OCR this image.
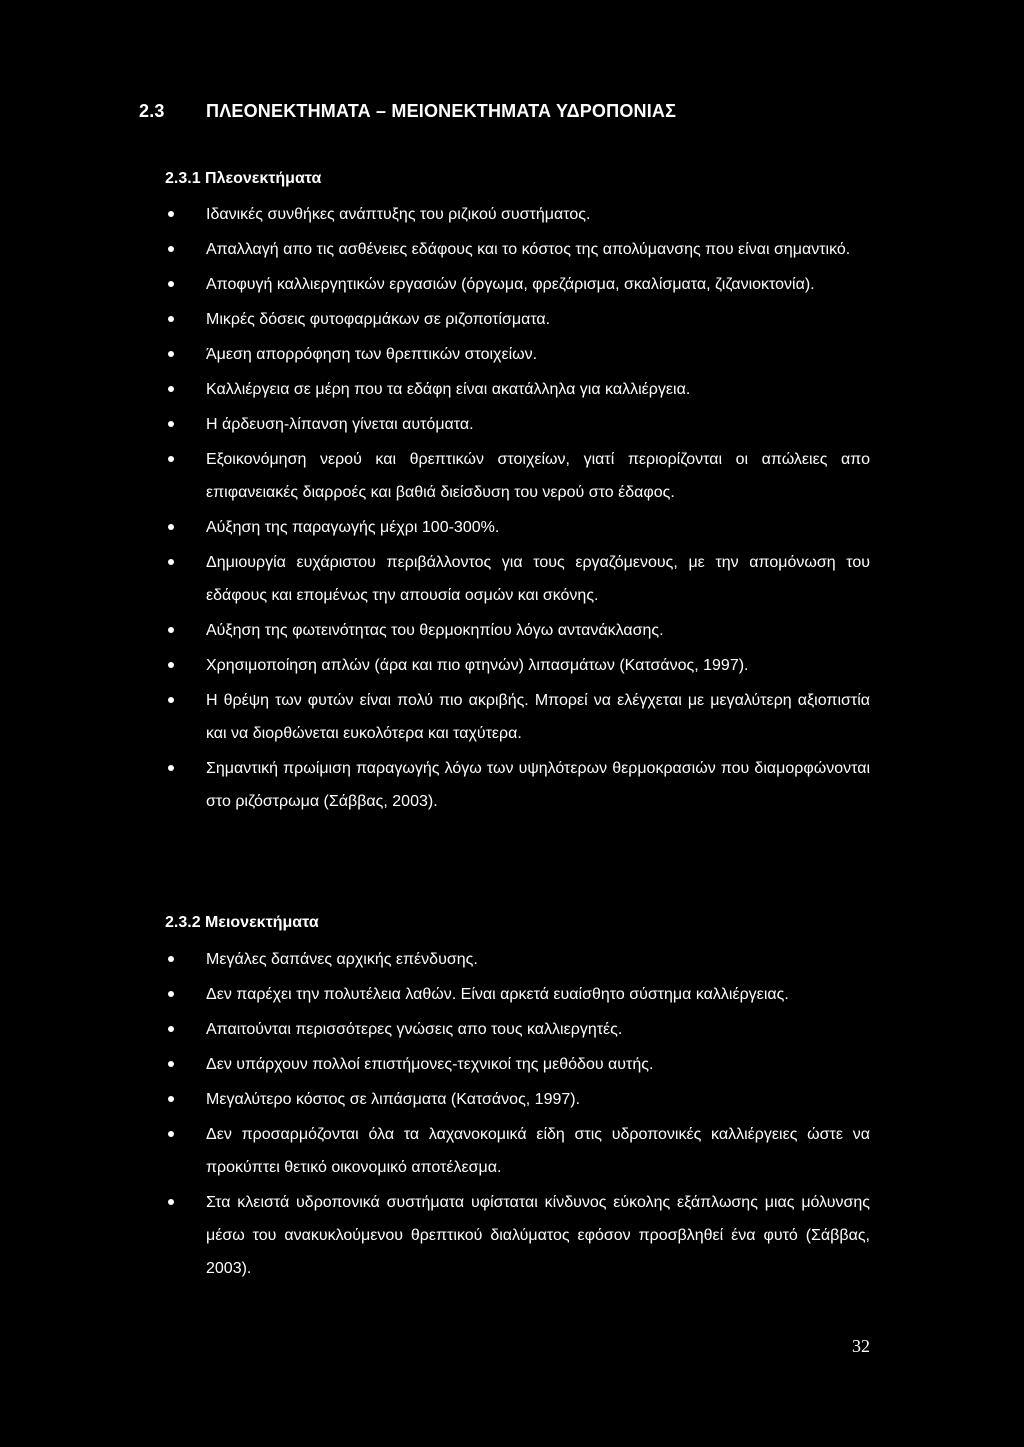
2.3 ΠΛΕΟΝΕΚΤΗΜΑΤΑ – ΜΕΙΟΝΕΚΤΗΜΑΤΑ ΥΔΡΟΠΟΝΙΑΣ
2.3.1 Πλεονεκτήματα
Ιδανικές συνθήκες ανάπτυξης του ριζικού συστήματος.
Απαλλαγή απο τις ασθένειες εδάφους και το κόστος της απολύμανσης που είναι σημαντικό.
Αποφυγή καλλιεργητικών εργασιών (όργωμα, φρεζάρισμα, σκαλίσματα, ζιζανιοκτονία).
Μικρές δόσεις φυτοφαρμάκων σε ριζοποτίσματα.
Άμεση απορρόφηση των θρεπτικών στοιχείων.
Καλλιέργεια σε μέρη που τα εδάφη είναι ακατάλληλα για καλλιέργεια.
Η άρδευση-λίπανση γίνεται αυτόματα.
Εξοικονόμηση νερού και θρεπτικών στοιχείων, γιατί περιορίζονται οι απώλειες απο επιφανειακές διαρροές και βαθιά διείσδυση του νερού στο έδαφος.
Αύξηση της παραγωγής μέχρι 100-300%.
Δημιουργία ευχάριστου περιβάλλοντος για τους εργαζόμενους, με την απομόνωση του εδάφους και επομένως την απουσία οσμών και σκόνης.
Αύξηση της φωτεινότητας του θερμοκηπίου λόγω αντανάκλασης.
Χρησιμοποίηση απλών (άρα και πιο φτηνών) λιπασμάτων (Κατσάνος, 1997).
Η θρέψη των φυτών είναι πολύ πιο ακριβής. Μπορεί να ελέγχεται με μεγαλύτερη αξιοπιστία και να διορθώνεται ευκολότερα και ταχύτερα.
Σημαντική πρωίμιση παραγωγής λόγω των υψηλότερων θερμοκρασιών που διαμορφώνονται στο ριζόστρωμα (Σάββας, 2003).
2.3.2 Μειονεκτήματα
Μεγάλες δαπάνες αρχικής επένδυσης.
Δεν παρέχει την πολυτέλεια λαθών. Είναι αρκετά ευαίσθητο σύστημα καλλιέργειας.
Απαιτούνται περισσότερες γνώσεις απο τους καλλιεργητές.
Δεν υπάρχουν πολλοί επιστήμονες-τεχνικοί της μεθόδου αυτής.
Μεγαλύτερο κόστος σε λιπάσματα (Κατσάνος, 1997).
Δεν προσαρμόζονται όλα τα λαχανοκομικά είδη στις υδροπονικές καλλιέργειες ώστε να προκύπτει θετικό οικονομικό αποτέλεσμα.
Στα κλειστά υδροπονικά συστήματα υφίσταται κίνδυνος εύκολης εξάπλωσης μιας μόλυνσης μέσω του ανακυκλούμενου θρεπτικού διαλύματος εφόσον προσβληθεί ένα φυτό (Σάββας, 2003).
32
